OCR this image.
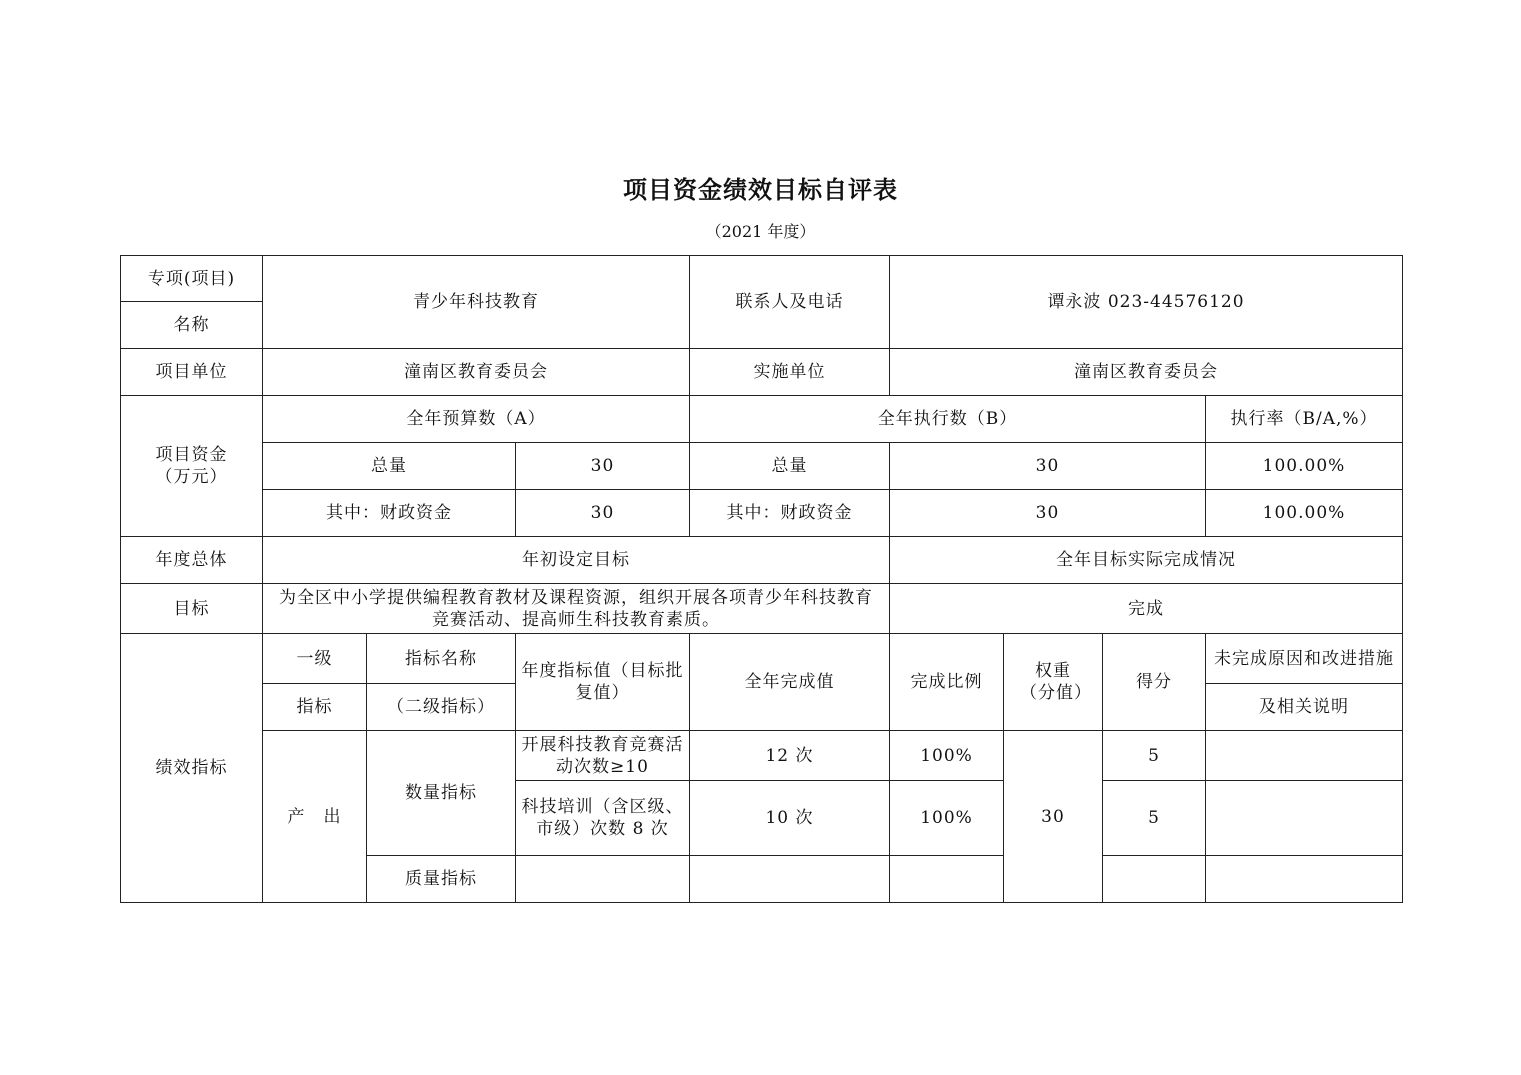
项目资金绩效目标自评表
（2021 年度）
专项(项目)	青少年科技教育			联系人及电话	谭永波 023-44576120			
名称								
项目单位	潼南区教育委员会			实施单位	潼南区教育委员会			

项目资金
（万元）	全年预算数（A）			全年执行数（B）				执行率（B/A,%）
	总量		30	总量	30			100.00%
	其中：财政资金		30	其中：财政资金	30			100.00%
年度总体	年初设定目标				全年目标实际完成情况			
目标	为全区中小学提供编程教育教材及课程资源，组织开展各项青少年科技教育竞赛活动、提高师生科技教育素质。				完成			
绩效指标	一级	指标名称	年度指标值（目标批复值）	全年完成值	完成比例	权重（分值）	得分	未完成原因和改进措施
	指标	（二级指标）						及相关说明
	产　出	数量指标	开展科技教育竞赛活动次数≥10	12 次	100%	30	5	
			科技培训（含区级、市级）次数 8 次	10 次	100%		5	
		质量指标						
